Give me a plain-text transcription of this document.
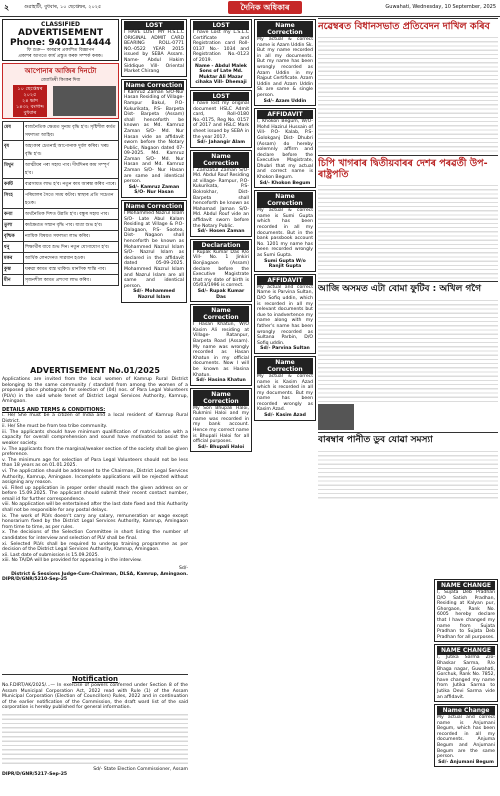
২	গুৱাহাটী, বুধবাৰ, ১০ ছেপ্তেম্বৰ, ২০২৫	দৈনিক অধিকাৰ	Guwahati, Wednesday, 10 September, 2025
CLASSIFIED
ADVERTISEMENT
Phone: 9401114444
ফি শুক্ৰ— কাৰৱাৰ প্ৰকাশিত বিজ্ঞাপন
প্ৰকাশৰ আগতে কাৰ্য প্ৰস্তুত কৰক সম্পৰ্ক কৰক।
আপোনাৰ আজিৰ দিনটো
জ্যোতিষী কিংকৰ দিব্য
১০ ছেপ্তেম্বৰ
২০২৫
২৪ ভাদ
১৪৩২ বংগাব্দ
বুধবাৰ
মেষ	ৰাজনৈতিক ক্ষেত্ৰত সুনাম বৃদ্ধি হ'ব। সৃষ্টিশীল কৰ্মত সফলতা আহিব।
বৃষ	অহংকাৰ চেতনাই আপোনাক দুৰ্বল কৰিব। খৰচ বৃদ্ধি হ'ব।
মিথুন	আত্মীয়ৰ পৰা সহায় পাব। দীৰ্ঘদিনৰ কাম সম্পূৰ্ণ হ'ব।
কৰ্কট	ব্যৱসায়ত লাভ হ'ব। নতুন কাম আৰম্ভ কৰিব পাৰে।
সিংহ	পৰিয়ালৰ সৈতে সময় কটাব। স্বাস্থ্যৰ প্ৰতি সচেতন হওক।
কন্যা	অৰ্থনৈতিক দিশত উন্নতি হ'ব। বন্ধুৰ সহায় পাব।
তুলা	কৰ্মক্ষেত্ৰত সন্মান বৃদ্ধি পাব। যাত্ৰা শুভ হ'ব।
বৃশ্চিক	ন্যায়িক বিষয়ত সফলতা লাভ কৰিব।
ধনু	শিক্ষাৰ্থীৰ বাবে শুভ দিন। নতুন যোগাযোগ হ'ব।
মকৰ	আৰ্থিক লেনদেনত সাৱধান হওক।
কুম্ভ	ঘৰুৱা কামত ব্যস্ত থাকিব। মানসিক শান্তি পাব।
মীন	সৃজনশীল কামত প্ৰশংসা লাভ কৰিব।
LOST
I HAVE LOST MY H.S.L.C ORIGINAL ADMIT CARD BEARING ROLL-0771 NO.-0522 YEAR 2015 issued by SEBA Assam. Name- Abdul Hakim Siddique Vill- Oriental Market Chirang
Name Correction
I Kamruz Zaman S/O-Nur Hasan Residing of Village- Rampur Bakul, P.O- Kukurikata, P.S- Barpeta Dist- Barpeta (Assam) shall henceforth be known as Md. Kamruz Zaman S/O- Md. Nur Hasan vide an affidavit sworn before the Notary Public, Nagaon dated 07-09-2025. Md. Kamruz Zaman S/O- Md. Nur Hasan and Md. Kamruz Zaman S/O- Nur Hasan are same and identical person.
Sd/- Kamruz Zaman S/O- Nur Hasan
Name Correction
I Mohammed Nazrul Islam S/O- Late Abul Kalam Residing at Village & P.O- Dalagaon, P.S- Sootea, Dist- Nagaon shall henceforth be known as Mohammed Nazrul Islam S/O- Nazrul Islam as declared in the affidavit dated 05-09-2025. Mohammed Nazrul Islam and Nazrul Islam are all same and identical person.
Sd/- Mohammed Nazrul Islam
ADVERTISEMENT No.01/2025
Applications are invited from the local women of Kamrup Rural District belonging to the same community / standard from among the women of a proposed place photograph for selection of (04) nos. of Para Legal Volunteers (PLVs) in the said whole tenet of District Legal Services Authority, Kamrup, Amingaon.
DETAILS AND TERMS & CONDITIONS:
i. He/ She must be a citizen of India and a local resident of Kamrup Rural District.
ii. He/ She must be from tea tribe community.
iii. The applicants should have minimum qualification of matriculation with a capacity for overall comprehension and sound have motivated to assist the weaker society.
iv. The applicants from the marginal/weaker section of the society shall be given preference.
v. The minimum age for selection of Para Legal Volunteers should not be less than 18 years as on 01.01.2025.
vi. The application should be addressed to the Chairman, District Legal Services Authority, Kamrup, Amingaon. Incomplete applications will be rejected without assigning any reason.
vii. Filled up application in proper order should reach the given address on or before 15.09.2025. The applicant should submit their recent contact number, email id for further correspondence.
viii. No application will be entertained after the last date fixed and this Authority shall not be responsible for any postal delays.
ix. The work of PLVs doesn't carry any salary, remuneration or wage except honorarium fixed by the District Legal Services Authority, Kamrup, Amingaon from time to time, as per rules.
x. The decisions of the Selection Committee in short listing the number of candidates for interview and selection of PLV shall be final.
xi. Selected PLVs shall be required to undergo training programme as per decision of the District Legal Services Authority, Kamrup, Amingaon.
xii. Last date of submission is 15.09.2025.
xiii. No TA/DA will be provided for appearing in the interview.
Sd/-
District & Sessions Judge-Cum-Chairman, DLSA, Kamrup, Amingaon.
DIPR/D/GNR/5210-Sep-25
Notification
No.F.DIRT/AK/2025/...— In exercise of powers conferred under Section 8 of the Assam Municipal Corporation Act, 2022 read with Rule (1) of the Assam Municipal Corporation (Election of Councillors) Rules, 2022 and in continuation of the earlier notification of the Commission, the draft ward list of the said corporation is hereby published for general information.
Sd/- State Election Commissioner, Assam
DIPR/D/GNR/5217-Sep-25
LOST
I have Lost my L.S.L.C Certificate and Registration card Roll-0137 No.- 1034 and Registration No.-0123 of 2019.
Name - Abdul Malek Sons of Late Md. Muktar Ali Mazar cihaka Vill- Dhemaji
LOST
I have lost my original document HSLC Admit card, Roll-0180 No.-0175, Reg No. 0157 of 2017 and HSLC Mark sheet issued by SEBA in the year 2017.
Sd/- Jahangir Alam
Name Correction
I Zamzatul Zaman S/O- Md. Abdul Rouf Residing at village- Rampur, P.O- Kukurikata, P.S- Bokrokhar, Dist- Barpeta shall henceforth be known as Mahamad Jaman S/O- Md. Abdul Rouf vide an affidavit sworn before the Notary Public.
Sd/- Hosen Zaman
Declaration
I Rupak Kumar Das R/o Vill- No. 1 Jinkiri Bonjiagaon (Assam) declare before the Executive Magistrate that my date of birth is 05/03/1996 is correct.
Sd/- Rupak Kumar Das
Name Correction
I Hasan Khatun, W/O Kasim Ali residing at Village- Ratanpur, Barpeta Road (Assam). My name was wrongly recorded as Hasan Khatun in my official documents. Now I will be known as Hasina Khatun.
Sd/- Hasina Khatun
Name Correction
My Son Bhupali Haloi, Rukmini Haloi and my name was recorded in my bank account. Hence my correct name is Bhupali Haloi for all official purposes.
Sd/- Bhupali Haloi
Name Correction
My actual & correct name is Azam Uddin Sk. But my name recorded in all my documents. But my name has been wrongly recorded as Azam Uddin in my Rajput Certificate. Azam Uddin and Azam Uddin Sk are same & single person.
Sd/- Azam Uddin
AFFIDAVIT
I, Khokon Begum, W/O- Mohd Hazirul Hussain of Vill- P.O- Kalab, P.S- Golokganj Dist- Dhubri (Assam) do hereby solemnly affirm and declare before the Executive Magistrate, Dhubri that my actual and correct name is Khokon Begum.
Sd/- Khokon Begum
Name Correction
My actual & correct name is Sumi Gupta which has been recorded in all my documents. But in the bank passbook account No. 1201 my name has been recorded wrongly as Sumi Gupta.
Sumi Gupta W/o Ranjit Gupta
AFFIDAVIT
My actual and correct Name is Parvina Sultan, D/O Sofiq uddin, which is recorded in all my relevant documents but due to inadvertence my name along with my father's name has been wrongly recorded as Sultana Parbin, D/O Sofiq uddin.
Sd/- Parvina Sultan
Name Correction
My actual & correct name is Kasim Azad which is recorded in all my documents. But my name has been recorded wrongly as Kasim Azad.
Sd/- Kasim Azad
নৱেম্বৰত বিধানসভাত প্ৰতিবেদন দাখিল কৰিব
চিপি খাগৰাৰ দ্বিতীয়বাৰৰ দেশৰ পৰৱৰ্তী উপ-ৰাষ্ট্ৰপতি
আজি অসমত এটা বোমা ফুটিব : অখিল গগৈ
বাৰম্বাৰ পানীত ডুব যোৱা সমস্যা
NAME CHANGE
I, Sujata Deb Pradhan D/O Satish Pradhan, Residing at Kalyan pur, Ghorgaon, Rank No. 6005 hereby declare that I have changed my name from Sujata Pradhan to Sujata Deb Pradhan for all purposes.
NAME CHANGE
I, Jutika Sarma Z/o- Bhaskar Sarma, R/o Bhaga nagar, Guwahati, Gorchuk, Rank No. 7852, have changed my name from Jutika Sarma to Jutika Devi Sarma vide an affidavit.
Name Change
My actual and correct name is Anjumani Begum, which has been recorded in all my documents. Anjuma Begum and Anjumani Begum are the same person.
Sd/- Anjumani Begum
